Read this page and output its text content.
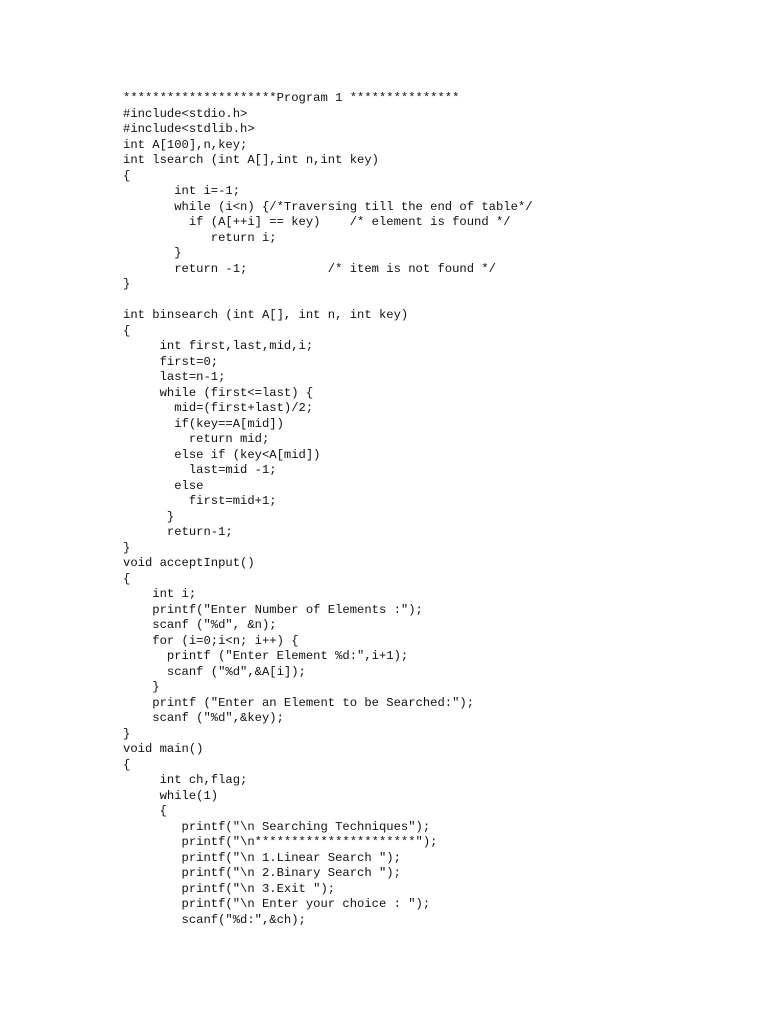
*********************Program 1 ***************
#include<stdio.h>
#include<stdlib.h>
int A[100],n,key;
int lsearch (int A[],int n,int key)
{
int i=-1;
while (i<n) {/*Traversing till the end of table*/
if (A[++i] == key)    /* element is found */
return i;
}
return -1;           /* item is not found */
}
int binsearch (int A[], int n, int key)
{
int first,last,mid,i;
first=0;
last=n-1;
while (first<=last) {
mid=(first+last)/2;
if(key==A[mid])
return mid;
else if (key<A[mid])
last=mid -1;
else
first=mid+1;
}
return-1;
}
void acceptInput()
{
int i;
printf("Enter Number of Elements :");
scanf ("%d", &n);
for (i=0;i<n; i++) {
printf ("Enter Element %d:",i+1);
scanf ("%d",&A[i]);
}
printf ("Enter an Element to be Searched:");
scanf ("%d",&key);
}
void main()
{
int ch,flag;
while(1)
{
printf("\n Searching Techniques");
printf("\n**********************");
printf("\n 1.Linear Search ");
printf("\n 2.Binary Search ");
printf("\n 3.Exit ");
printf("\n Enter your choice : ");
scanf("%d:",&ch);
